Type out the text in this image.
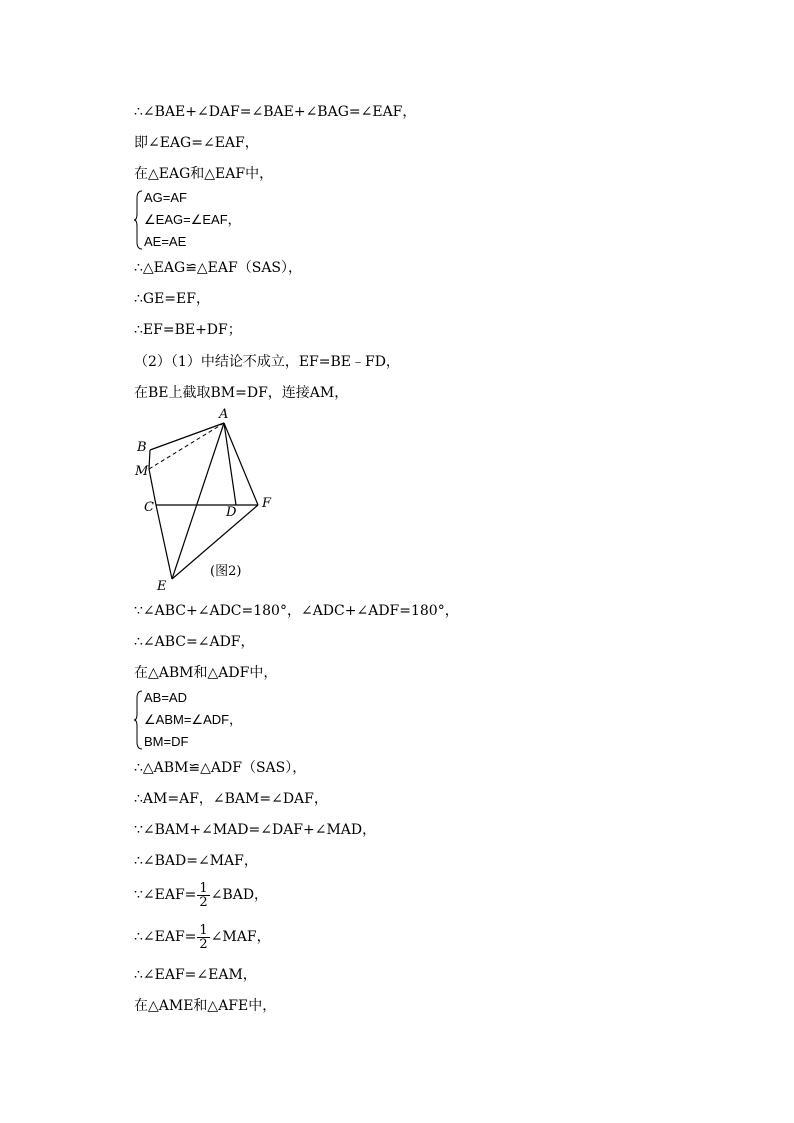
∴∠BAE+∠DAF=∠BAE+∠BAG=∠EAF，
即∠EAG=∠EAF，
在△EAG和△EAF中，
AG=AF
∠EAG=∠EAF，
AE=AE
∴△EAG≌△EAF（SAS），
∴GE=EF，
∴EF=BE+DF；
（2）（1）中结论不成立，EF=BE﹣FD，
在BE上截取BM=DF，连接AM，
A
B
M
C	D
F
E
(图2)
∵∠ABC+∠ADC=180°，∠ADC+∠ADF=180°，
∴∠ABC=∠ADF，
在△ABM和△ADF中，
AB=AD
∠ABM=∠ADF，
BM=DF
∴△ABM≌△ADF（SAS），
∴AM=AF，∠BAM=∠DAF，
∵∠BAM+∠MAD=∠DAF+∠MAD，
∴∠BAD=∠MAF，
∵∠EAF= $\frac{1}{2}$ ∠BAD，
∴∠EAF= $\frac{1}{2}$ ∠MAF，
∴∠EAF=∠EAM，
在△AME和△AFE中，
